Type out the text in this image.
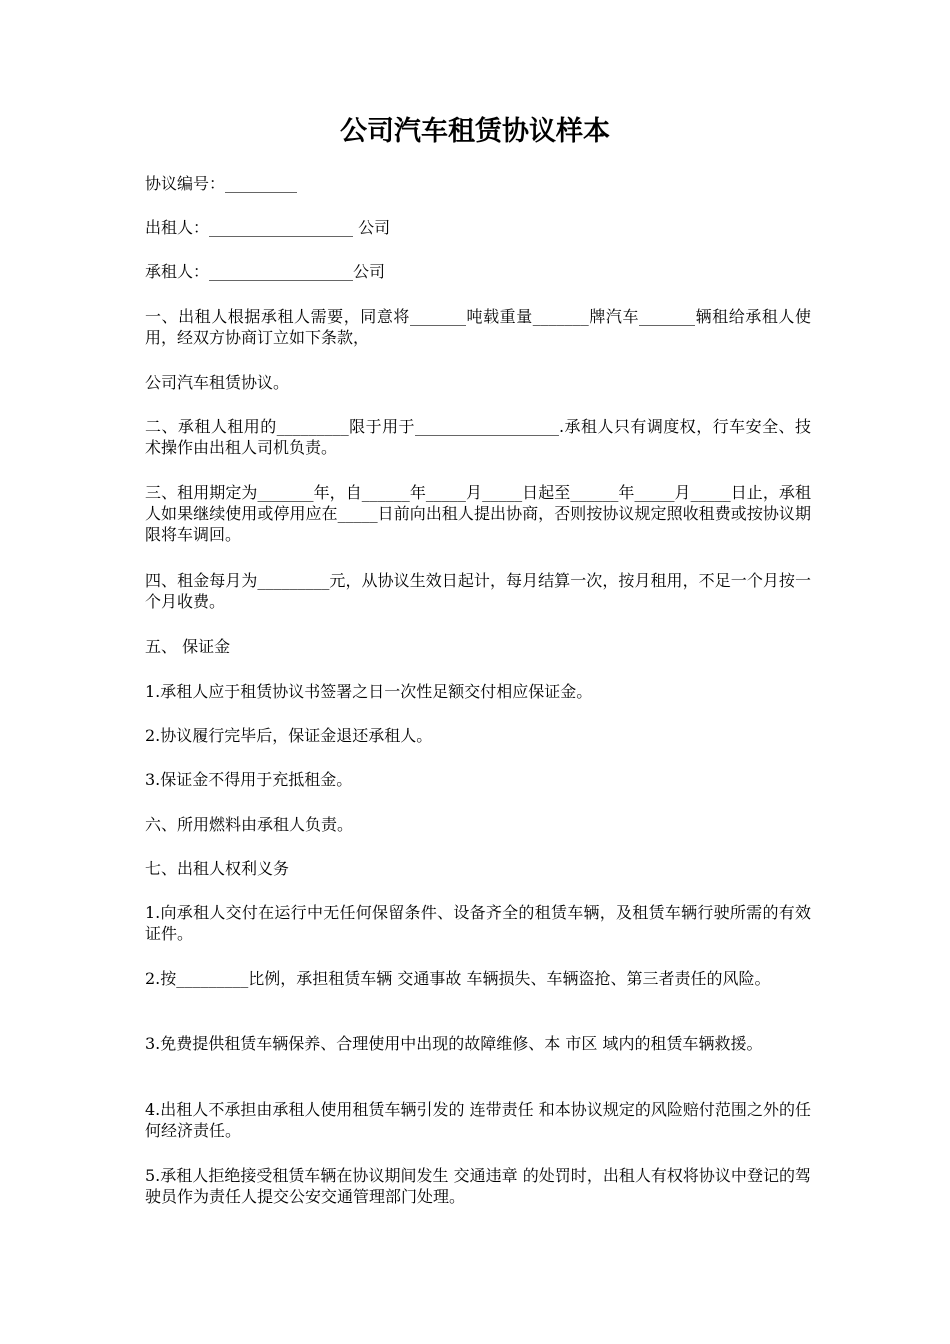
公司汽车租赁协议样本

协议编号：_________

出租人：__________________ 公司

承租人：__________________公司

一、出租人根据承租人需要，同意将_______吨载重量_______牌汽车_______辆租给承租人使用，经双方协商订立如下条款，

公司汽车租赁协议。

二、承租人租用的_________限于用于__________________.承租人只有调度权，行车安全、技术操作由出租人司机负责。

三、租用期定为_______年，自______年_____月_____日起至______年_____月_____日止，承租人如果继续使用或停用应在_____日前向出租人提出协商，否则按协议规定照收租费或按协议期限将车调回。

四、租金每月为_________元，从协议生效日起计，每月结算一次，按月租用，不足一个月按一个月收费。

五、 保证金

1.承租人应于租赁协议书签署之日一次性足额交付相应保证金。

2.协议履行完毕后，保证金退还承租人。

3.保证金不得用于充抵租金。

六、所用燃料由承租人负责。

七、出租人权利义务

1.向承租人交付在运行中无任何保留条件、设备齐全的租赁车辆，及租赁车辆行驶所需的有效证件。

2.按_________比例，承担租赁车辆 交通事故 车辆损失、车辆盗抢、第三者责任的风险。

3.免费提供租赁车辆保养、合理使用中出现的故障维修、本 市区 域内的租赁车辆救援。

4.出租人不承担由承租人使用租赁车辆引发的 连带责任 和本协议规定的风险赔付范围之外的任何经济责任。

5.承租人拒绝接受租赁车辆在协议期间发生 交通违章 的处罚时，出租人有权将协议中登记的驾驶员作为责任人提交公安交通管理部门处理。
